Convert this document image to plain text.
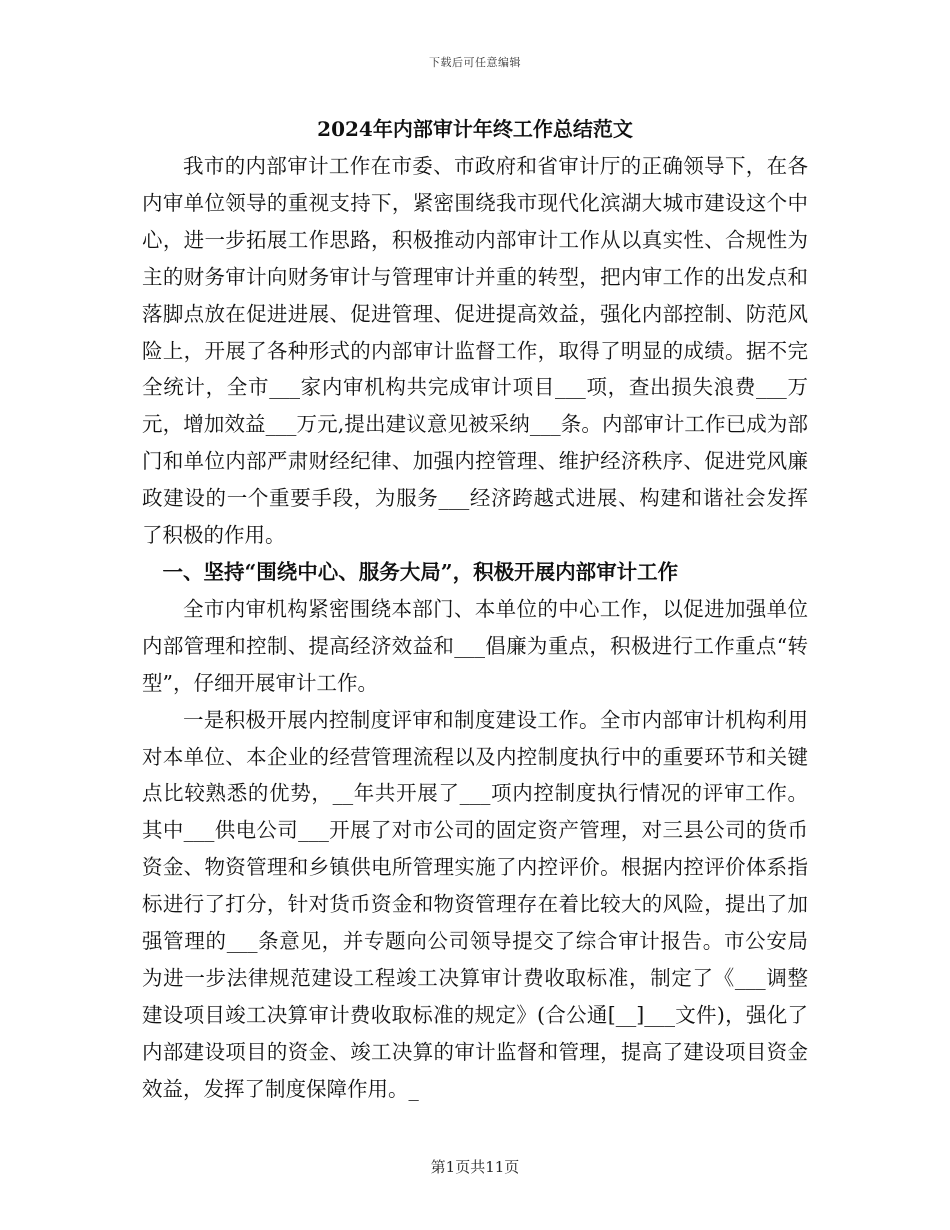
下载后可任意编辑
2024年内部审计年终工作总结范文

我市的内部审计工作在市委、市政府和省审计厅的正确领导下，在各内审单位领导的重视支持下，紧密围绕我市现代化滨湖大城市建设这个中心，进一步拓展工作思路，积极推动内部审计工作从以真实性、合规性为主的财务审计向财务审计与管理审计并重的转型，把内审工作的出发点和落脚点放在促进进展、促进管理、促进提高效益，强化内部控制、防范风险上，开展了各种形式的内部审计监督工作，取得了明显的成绩。据不完全统计，全市___家内审机构共完成审计项目___项，查出损失浪费___万元，增加效益___万元,提出建议意见被采纳___条。内部审计工作已成为部门和单位内部严肃财经纪律、加强内控管理、维护经济秩序、促进党风廉政建设的一个重要手段，为服务___经济跨越式进展、构建和谐社会发挥了积极的作用。

一、坚持“围绕中心、服务大局”，积极开展内部审计工作

全市内审机构紧密围绕本部门、本单位的中心工作，以促进加强单位内部管理和控制、提高经济效益和___倡廉为重点，积极进行工作重点“转型”，仔细开展审计工作。

一是积极开展内控制度评审和制度建设工作。全市内部审计机构利用对本单位、本企业的经营管理流程以及内控制度执行中的重要环节和关键点比较熟悉的优势，__年共开展了___项内控制度执行情况的评审工作。其中___供电公司___开展了对市公司的固定资产管理，对三县公司的货币资金、物资管理和乡镇供电所管理实施了内控评价。根据内控评价体系指标进行了打分，针对货币资金和物资管理存在着比较大的风险，提出了加强管理的___条意见，并专题向公司领导提交了综合审计报告。市公安局为进一步法律规范建设工程竣工决算审计费收取标准，制定了《___调整建设项目竣工决算审计费收取标准的规定》(合公通[__]___文件)，强化了内部建设项目的资金、竣工决算的审计监督和管理，提高了建设项目资金效益，发挥了制度保障作用。_

第1页共11页
